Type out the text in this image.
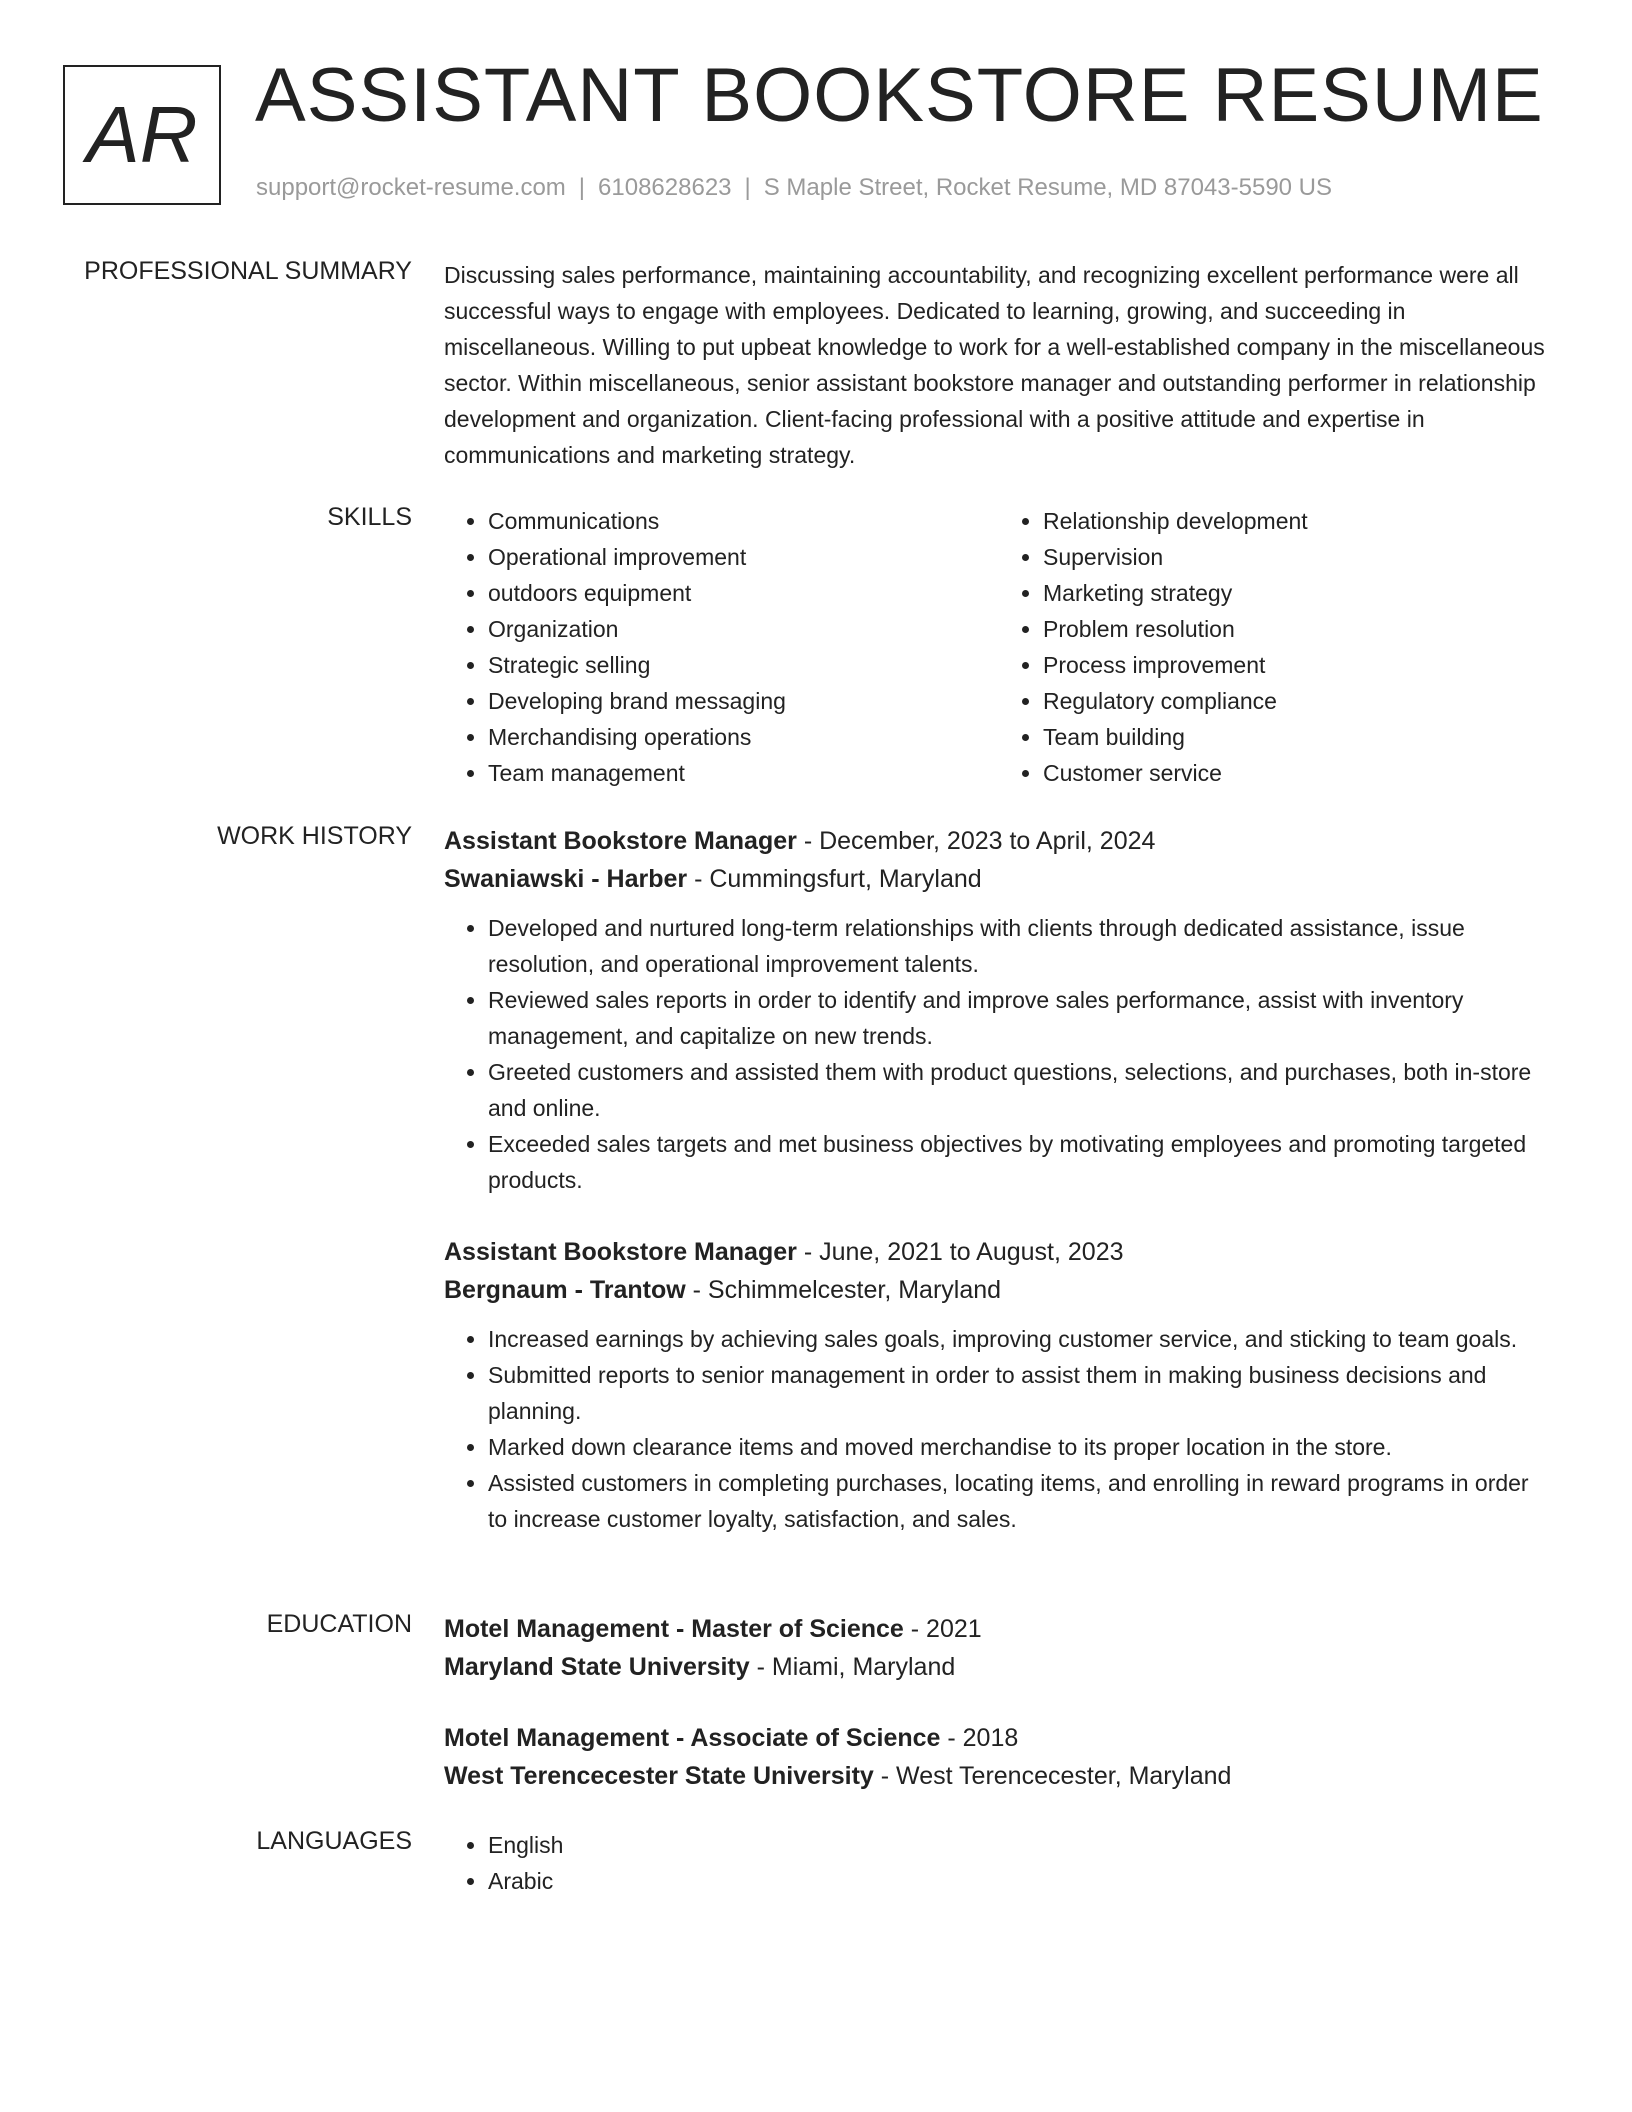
AR ASSISTANT BOOKSTORE RESUME
support@rocket-resume.com | 6108628623 | S Maple Street, Rocket Resume, MD 87043-5590 US
PROFESSIONAL SUMMARY Discussing sales performance, maintaining accountability, and recognizing excellent performance were all successful ways to engage with employees. Dedicated to learning, growing, and succeeding in miscellaneous. Willing to put upbeat knowledge to work for a well-established company in the miscellaneous sector. Within miscellaneous, senior assistant bookstore manager and outstanding performer in relationship development and organization. Client-facing professional with a positive attitude and expertise in communications and marketing strategy.
SKILLS	• Communications
• Operational improvement
• outdoors equipment
• Organization
• Strategic selling
• Developing brand messaging
• Merchandising operations
• Team management
• Relationship development
• Supervision
• Marketing strategy
• Problem resolution
• Process improvement
• Regulatory compliance
• Team building
• Customer service
WORK HISTORY Assistant Bookstore Manager - December, 2023 to April, 2024
Swaniawski - Harber - Cummingsfurt, Maryland
• Developed and nurtured long-term relationships with clients through dedicated assistance, issue resolution, and operational improvement talents.
• Reviewed sales reports in order to identify and improve sales performance, assist with inventory management, and capitalize on new trends.
• Greeted customers and assisted them with product questions, selections, and purchases, both in-store and online.
• Exceeded sales targets and met business objectives by motivating employees and promoting targeted products.
Assistant Bookstore Manager - June, 2021 to August, 2023
Bergnaum - Trantow - Schimmelcester, Maryland
• Increased earnings by achieving sales goals, improving customer service, and sticking to team goals.
• Submitted reports to senior management in order to assist them in making business decisions and planning.
• Marked down clearance items and moved merchandise to its proper location in the store.
• Assisted customers in completing purchases, locating items, and enrolling in reward programs in order to increase customer loyalty, satisfaction, and sales.
EDUCATION Motel Management - Master of Science - 2021
Maryland State University - Miami, Maryland
Motel Management - Associate of Science - 2018
West Terencecester State University - West Terencecester, Maryland
LANGUAGES	• English
• Arabic
